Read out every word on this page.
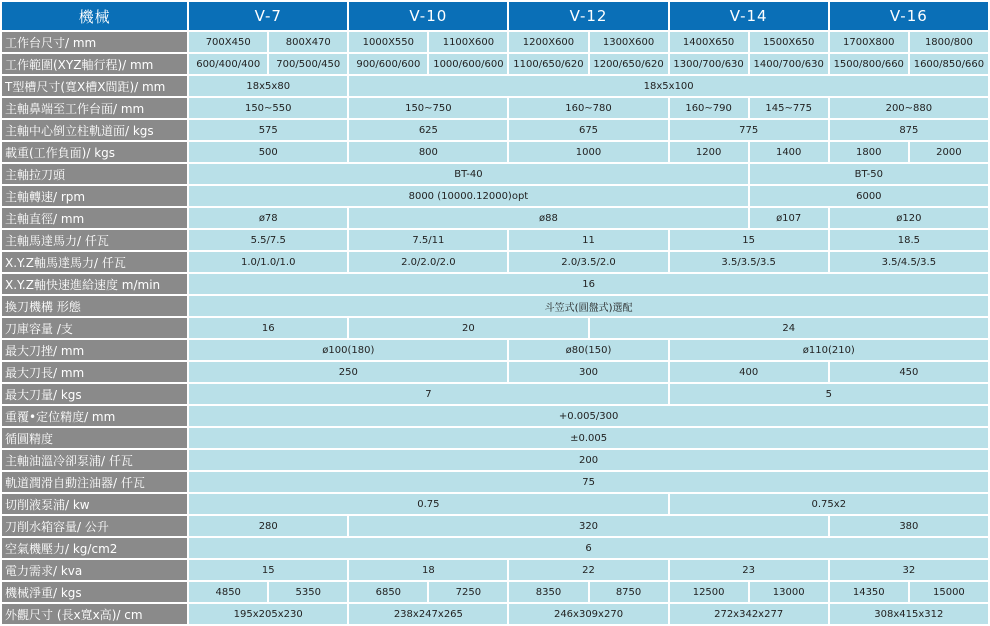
機械	V-7		V-10		V-12		V-14		V-16	
工作台尺寸/ mm	700X450	800X470	1000X550	1100X600	1200X600	1300X600	1400X650	1500X650	1700X800	1800/800
工作範圍(XYZ軸行程)/ mm	600/400/400	700/500/450	900/600/600	1000/600/600	1100/650/620	1200/650/620	1300/700/630	1400/700/630	1500/800/660	1600/850/660
T型槽尺寸(寬X槽X間距)/ mm	18x5x80		18x5x100							
主軸鼻端至工作台面/ mm	150~550		150~750		160~780		160~790	145~775	200~880	
主軸中心倒立柱軌道面/ kgs	575		625		675		775		875	
載重(工作負面)/ kgs	500		800		1000		1200	1400	1800	2000
主軸拉刀頭	BT-40							BT-50		
主軸轉速/ rpm	8000 (10000.12000)opt							6000		
主軸直徑/ mm	ø78		ø88					ø107	ø120	
主軸馬達馬力/ 仟瓦	5.5/7.5		7.5/11		11		15		18.5	
X.Y.Z軸馬達馬力/ 仟瓦	1.0/1.0/1.0		2.0/2.0/2.0		2.0/3.5/2.0		3.5/3.5/3.5		3.5/4.5/3.5	
X.Y.Z軸快速進給速度 m/min	16									
換刀機構 形態	斗笠式(圓盤式)選配									
刀庫容量 /支	16		20			24				
最大刀挫/ mm	ø100(180)				ø80(150)		ø110(210)			
最大刀長/ mm	250				300		400		450	
最大刀量/ kgs	7						5			
重覆•定位精度/ mm	+0.005/300									
循圓精度	±0.005									
主軸油溫冷卻泵浦/ 仟瓦	200									
軌道潤滑自動注油器/ 仟瓦	75									
切削液泵浦/ kw	0.75						0.75x2			
刀削水箱容量/ 公升	280		320						380	
空氣機壓力/ kg/cm2	6									
電力需求/ kva	15		18		22		23		32	
機械淨重/ kgs	4850	5350	6850	7250	8350	8750	12500	13000	14350	15000
外觀尺寸 (長x寬x高)/ cm	195x205x230		238x247x265		246x309x270		272x342x277		308x415x312	
